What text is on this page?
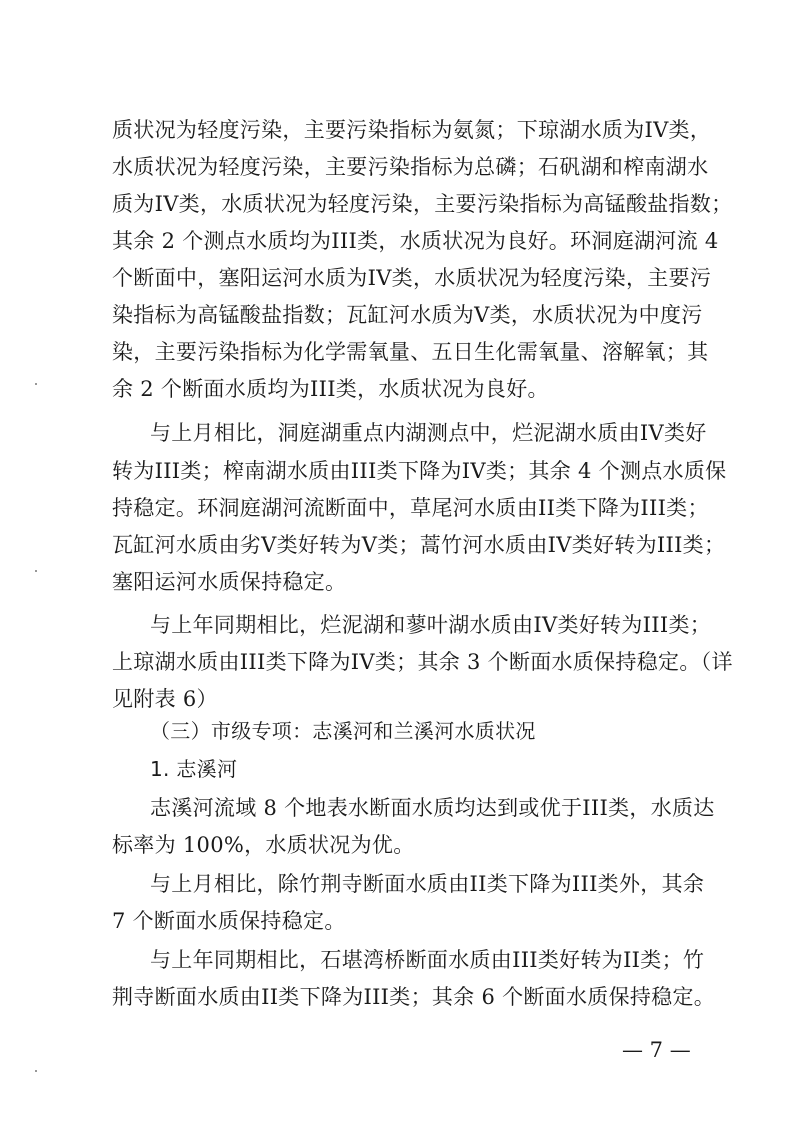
质状况为轻度污染，主要污染指标为氨氮；下琼湖水质为IV类，
水质状况为轻度污染，主要污染指标为总磷；石矾湖和榨南湖水
质为IV类，水质状况为轻度污染，主要污染指标为高锰酸盐指数；
其余 2 个测点水质均为III类，水质状况为良好。环洞庭湖河流 4
个断面中，塞阳运河水质为IV类，水质状况为轻度污染，主要污
染指标为高锰酸盐指数；瓦缸河水质为V类，水质状况为中度污
染，主要污染指标为化学需氧量、五日生化需氧量、溶解氧；其
余 2 个断面水质均为III类，水质状况为良好。
与上月相比，洞庭湖重点内湖测点中，烂泥湖水质由IV类好
转为III类；榨南湖水质由III类下降为IV类；其余 4 个测点水质保
持稳定。环洞庭湖河流断面中，草尾河水质由II类下降为III类；
瓦缸河水质由劣V类好转为V类；蒿竹河水质由IV类好转为III类；
塞阳运河水质保持稳定。
与上年同期相比，烂泥湖和蓼叶湖水质由IV类好转为III类；
上琼湖水质由III类下降为IV类；其余 3 个断面水质保持稳定。（详
见附表 6）
（三）市级专项：志溪河和兰溪河水质状况
1. 志溪河
志溪河流域 8 个地表水断面水质均达到或优于III类，水质达
标率为 100%，水质状况为优。
与上月相比，除竹荆寺断面水质由II类下降为III类外，其余
7 个断面水质保持稳定。
与上年同期相比，石堪湾桥断面水质由III类好转为II类；竹
荆寺断面水质由II类下降为III类；其余 6 个断面水质保持稳定。
— 7 —
